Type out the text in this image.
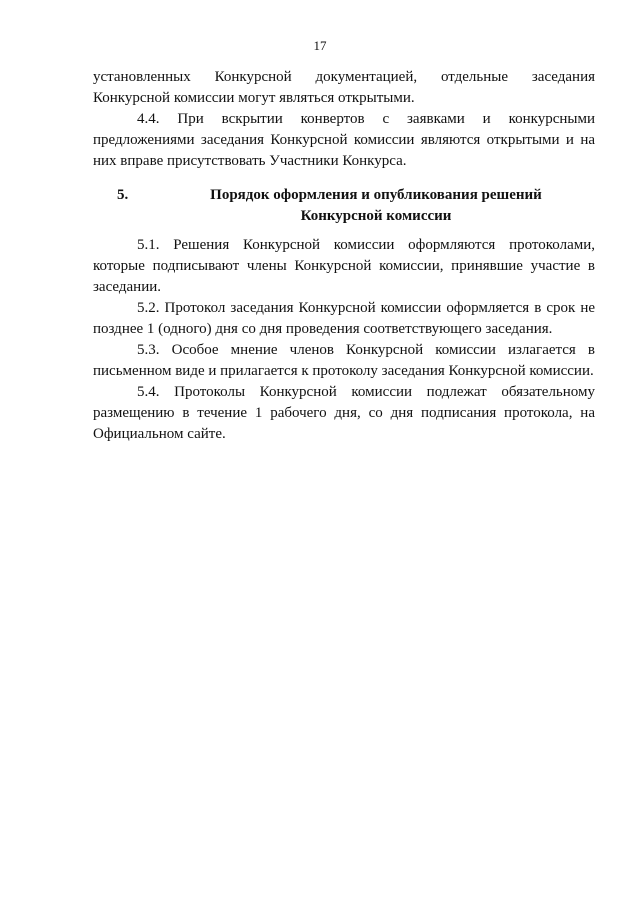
17

установленных Конкурсной документацией, отдельные заседания Конкурсной комиссии могут являться открытыми.

4.4. При вскрытии конвертов с заявками и конкурсными предложениями заседания Конкурсной комиссии являются открытыми и на них вправе присутствовать Участники Конкурса.

5.	Порядок оформления и опубликования решений Конкурсной комиссии

5.1. Решения Конкурсной комиссии оформляются протоколами, которые подписывают члены Конкурсной комиссии, принявшие участие в заседании.

5.2. Протокол заседания Конкурсной комиссии оформляется в срок не позднее 1 (одного) дня со дня проведения соответствующего заседания.

5.3. Особое мнение членов Конкурсной комиссии излагается в письменном виде и прилагается к протоколу заседания Конкурсной комиссии.

5.4. Протоколы Конкурсной комиссии подлежат обязательному размещению в течение 1 рабочего дня, со дня подписания протокола, на Официальном сайте.
